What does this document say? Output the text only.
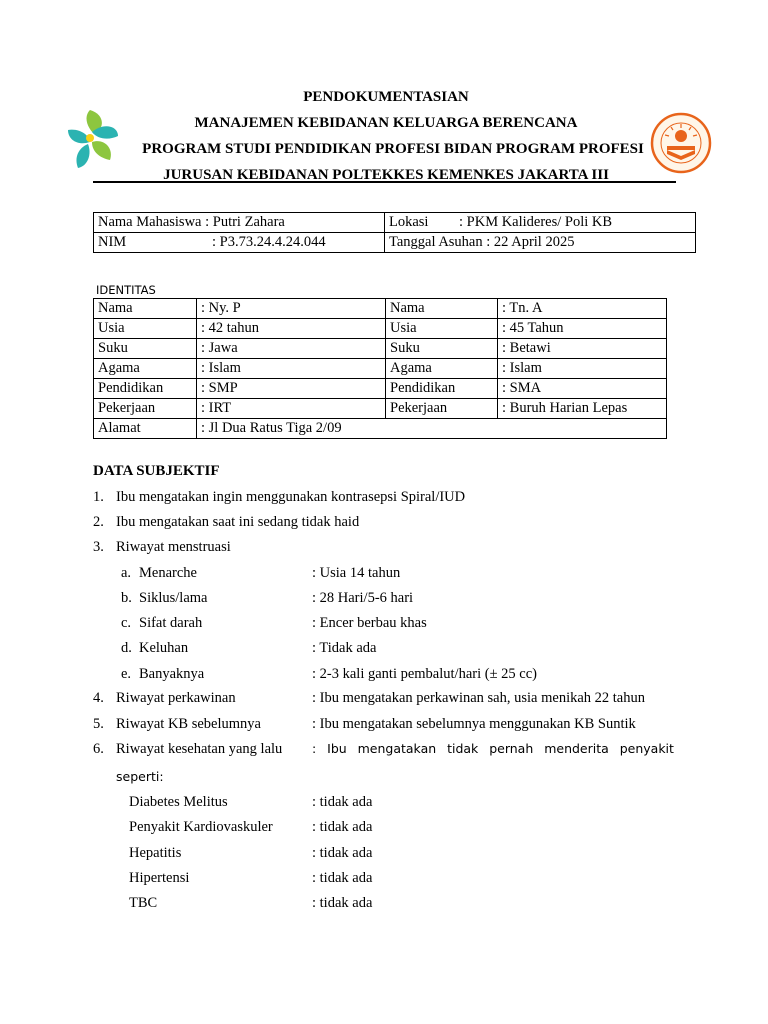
PENDOKUMENTASIAN
MANAJEMEN KEBIDANAN KELUARGA BERENCANA
PROGRAM STUDI PENDIDIKAN PROFESI BIDAN PROGRAM PROFESI
JURUSAN KEBIDANAN POLTEKKES KEMENKES JAKARTA III
Nama Mahasiswa : Putri Zahara	Lokasi : PKM Kalideres/ Poli KB
NIM : P3.73.24.4.24.044	Tanggal Asuhan : 22 April 2025
IDENTITAS
Nama	: Ny. P	Nama	: Tn. A
Usia	: 42 tahun	Usia	: 45 Tahun
Suku	: Jawa	Suku	: Betawi
Agama	: Islam	Agama	: Islam
Pendidikan	: SMP	Pendidikan	: SMA
Pekerjaan	: IRT	Pekerjaan	: Buruh Harian Lepas
Alamat	: Jl Dua Ratus Tiga 2/09		
DATA SUBJEKTIF
1. Ibu mengatakan ingin menggunakan kontrasepsi Spiral/IUD
2. Ibu mengatakan saat ini sedang tidak haid
3. Riwayat menstruasi
a. Menarche	: Usia 14 tahun
b. Siklus/lama	: 28 Hari/5-6 hari
c. Sifat darah	: Encer berbau khas
d. Keluhan	: Tidak ada
e. Banyaknya	: 2-3 kali ganti pembalut/hari (± 25 cc)
4. Riwayat perkawinan	: Ibu mengatakan perkawinan sah, usia menikah 22 tahun
5. Riwayat KB sebelumnya	: Ibu mengatakan sebelumnya menggunakan KB Suntik
6. Riwayat kesehatan yang lalu : Ibu mengatakan tidak pernah menderita penyakit
seperti:
Diabetes Melitus	: tidak ada
Penyakit Kardiovaskuler	: tidak ada
Hepatitis	: tidak ada
Hipertensi	: tidak ada
TBC	: tidak ada
